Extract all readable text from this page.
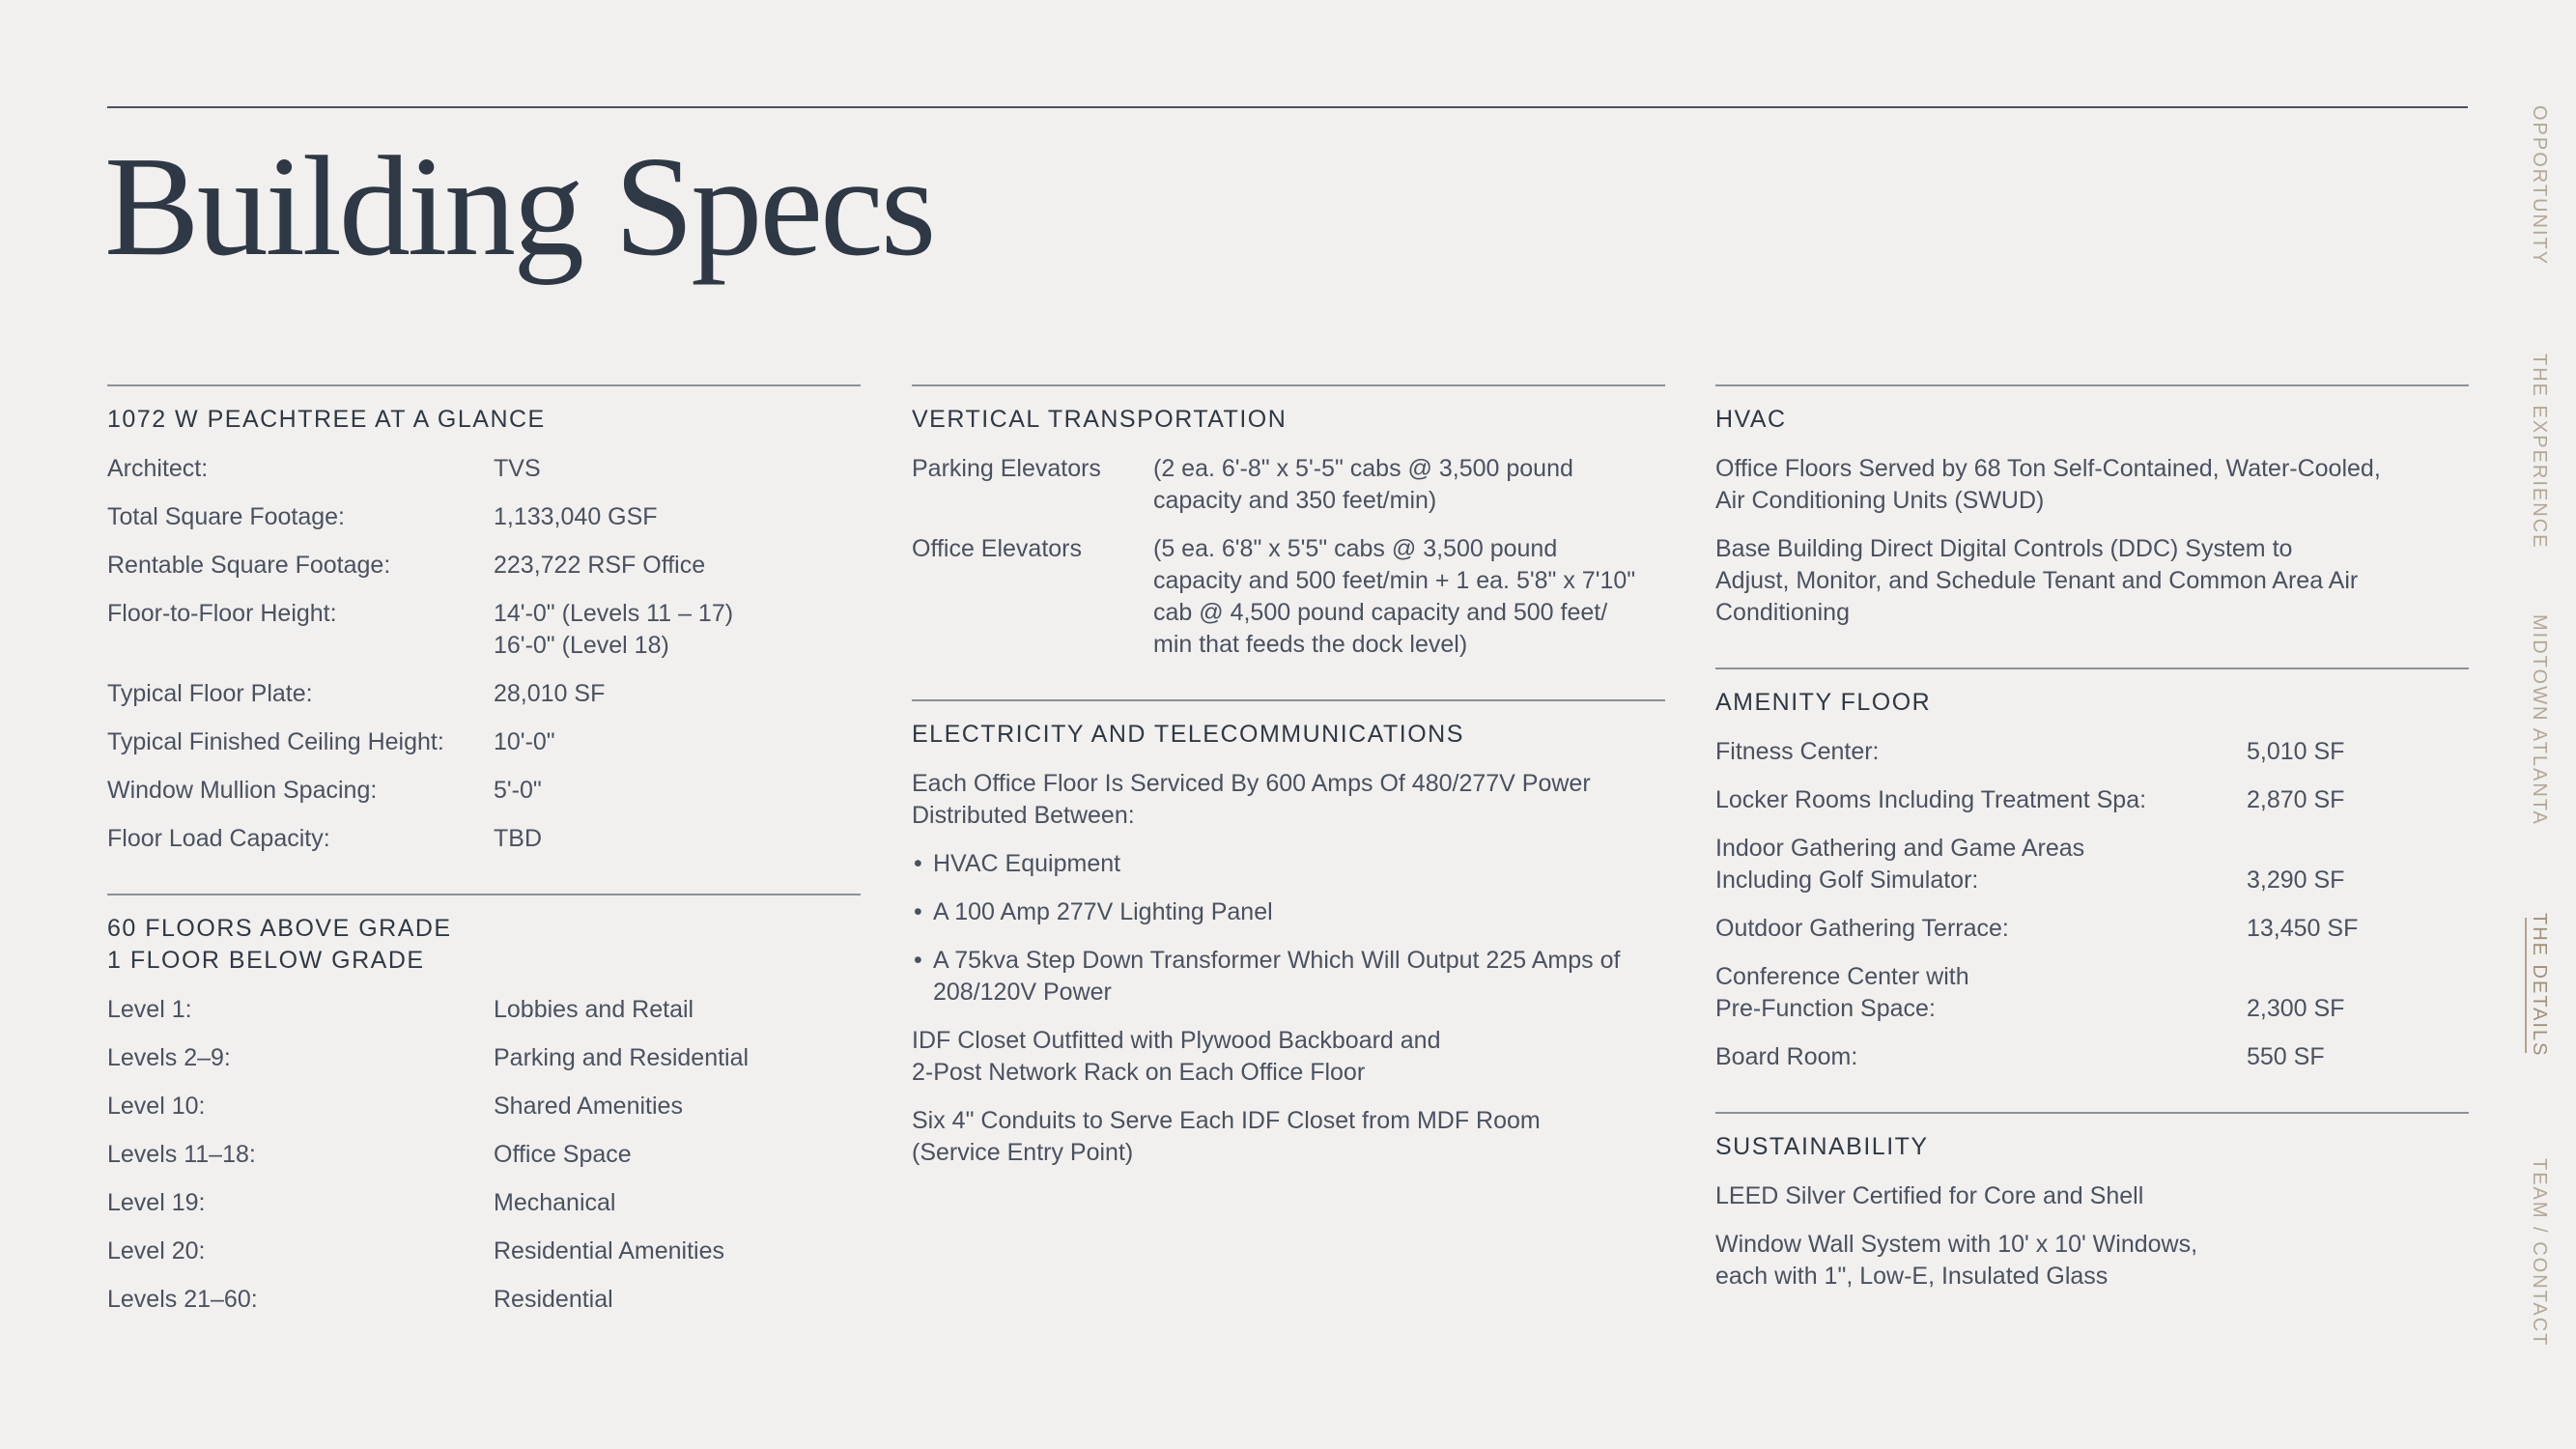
Building Specs
1072 W PEACHTREE AT A GLANCE
Architect:	TVS
Total Square Footage:	1,133,040 GSF
Rentable Square Footage:	223,722 RSF Office
Floor-to-Floor Height:	14'-0" (Levels 11 – 17)
16'-0" (Level 18)
Typical Floor Plate:	28,010 SF
Typical Finished Ceiling Height:	10'-0"
Window Mullion Spacing:	5'-0"
Floor Load Capacity:	TBD
60 FLOORS ABOVE GRADE
1 FLOOR BELOW GRADE
Level 1:	Lobbies and Retail
Levels 2–9:	Parking and Residential
Level 10:	Shared Amenities
Levels 11–18:	Office Space
Level 19:	Mechanical
Level 20:	Residential Amenities
Levels 21–60:	Residential
VERTICAL TRANSPORTATION
Parking Elevators	(2 ea. 6'-8" x 5'-5" cabs @ 3,500 pound
capacity and 350 feet/min)
Office Elevators	(5 ea. 6'8" x 5'5" cabs @ 3,500 pound
capacity and 500 feet/min + 1 ea. 5'8" x 7'10"
cab @ 4,500 pound capacity and 500 feet/
min that feeds the dock level)
ELECTRICITY AND TELECOMMUNICATIONS
Each Office Floor Is Serviced By 600 Amps Of 480/277V Power
Distributed Between:
• HVAC Equipment
• A 100 Amp 277V Lighting Panel
• A 75kva Step Down Transformer Which Will Output 225 Amps of 208/120V Power
IDF Closet Outfitted with Plywood Backboard and
2-Post Network Rack on Each Office Floor
Six 4" Conduits to Serve Each IDF Closet from MDF Room
(Service Entry Point)
HVAC
Office Floors Served by 68 Ton Self-Contained, Water-Cooled,
Air Conditioning Units (SWUD)
Base Building Direct Digital Controls (DDC) System to
Adjust, Monitor, and Schedule Tenant and Common Area Air
Conditioning
AMENITY FLOOR
Fitness Center:	5,010 SF
Locker Rooms Including Treatment Spa:	2,870 SF
Indoor Gathering and Game Areas
Including Golf Simulator:	3,290 SF
Outdoor Gathering Terrace:	13,450 SF
Conference Center with
Pre-Function Space:	2,300 SF
Board Room:	550 SF
SUSTAINABILITY
LEED Silver Certified for Core and Shell
Window Wall System with 10' x 10' Windows,
each with 1", Low-E, Insulated Glass
OPPORTUNITY
THE EXPERIENCE
MIDTOWN ATLANTA
THE DETAILS
TEAM / CONTACT
